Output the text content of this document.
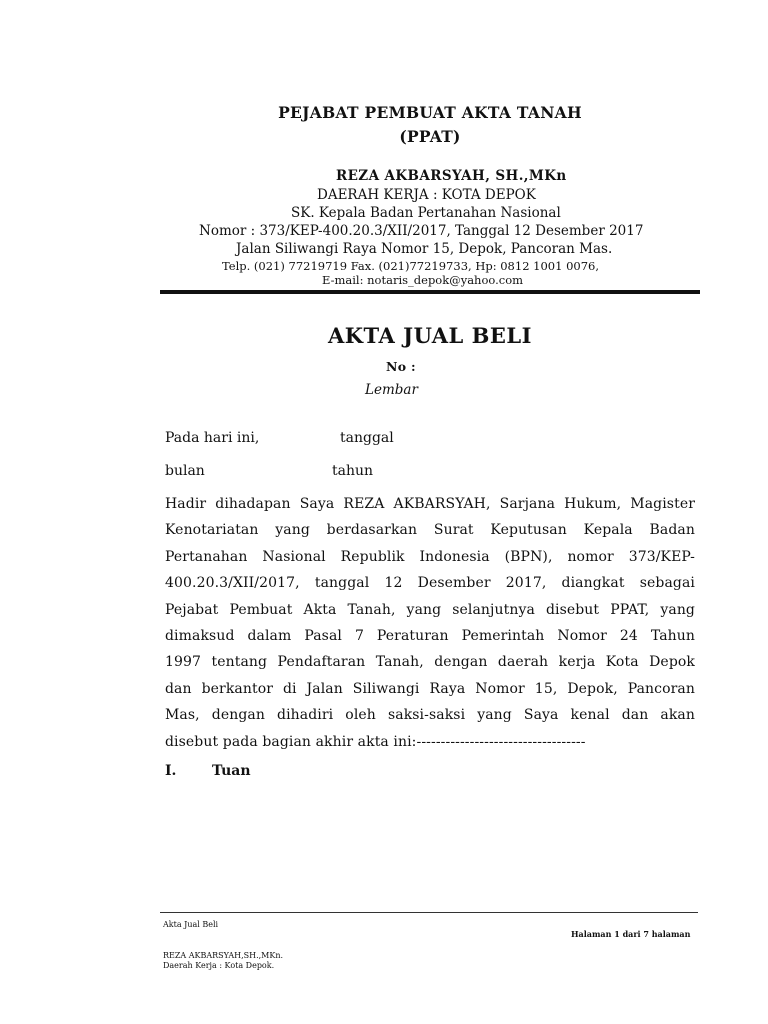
PEJABAT PEMBUAT AKTA TANAH
(PPAT)
REZA AKBARSYAH, SH.,MKn
DAERAH KERJA : KOTA DEPOK
SK. Kepala Badan Pertanahan Nasional
Nomor : 373/KEP-400.20.3/XII/2017, Tanggal 12 Desember 2017
Jalan Siliwangi Raya Nomor 15, Depok, Pancoran Mas.
Telp. (021) 77219719 Fax. (021)77219733, Hp: 0812 1001 0076,
E-mail: notaris_depok@yahoo.com
AKTA JUAL BELI
No :
Lembar
Pada hari ini,	tanggal
bulan	tahun
Hadir dihadapan Saya REZA AKBARSYAH, Sarjana Hukum, Magister
Kenotariatan yang berdasarkan Surat Keputusan Kepala Badan
Pertanahan Nasional Republik Indonesia (BPN), nomor 373/KEP-
400.20.3/XII/2017, tanggal 12 Desember 2017, diangkat sebagai
Pejabat Pembuat Akta Tanah, yang selanjutnya disebut PPAT, yang
dimaksud dalam Pasal 7 Peraturan Pemerintah Nomor 24 Tahun
1997 tentang Pendaftaran Tanah, dengan daerah kerja Kota Depok
dan berkantor di Jalan Siliwangi Raya Nomor 15, Depok, Pancoran
Mas, dengan dihadiri oleh saksi-saksi yang Saya kenal dan akan
disebut pada bagian akhir akta ini:-----------------------------------
I.	Tuan
Akta Jual Beli
Halaman 1 dari 7 halaman
REZA AKBARSYAH,SH.,MKn.
Daerah Kerja : Kota Depok.
